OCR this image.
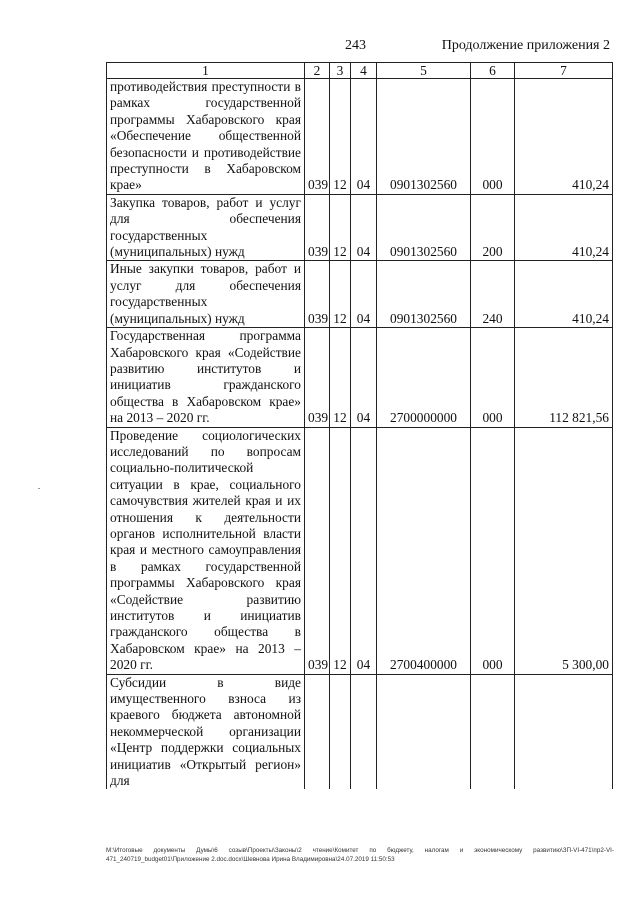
243	Продолжение приложения 2
1	2	3	4	5	6	7
противодействия преступности в рамках государственной программы Хабаровского края «Обеспечение общественной безопасности и противодействие преступности в Хабаровском крае»	039	12	04	0901302560	000	410,24
Закупка товаров, работ и услуг для обеспечения государственных (муниципальных) нужд	039	12	04	0901302560	200	410,24
Иные закупки товаров, работ и услуг для обеспечения государственных (муниципальных) нужд	039	12	04	0901302560	240	410,24
Государственная программа Хабаровского края «Содействие развитию институтов и инициатив гражданского общества в Хабаровском крае» на 2013 – 2020 гг.	039	12	04	2700000000	000	112 821,56
Проведение социологических исследований по вопросам социально-политической ситуации в крае, социального самочувствия жителей края и их отношения к деятельности органов исполнительной власти края и местного самоуправления в рамках государственной программы Хабаровского края «Содействие развитию институтов и инициатив гражданского общества в Хабаровском крае» на 2013 – 2020 гг.	039	12	04	2700400000	000	5 300,00
Субсидии в виде имущественного взноса из краевого бюджета автономной некоммерческой организации «Центр поддержки социальных инициатив «Открытый регион» для						
М:\Итоговые документы Думы\6 созыв\Проекты\Законы\2 чтение\Комитет по бюджету, налогам и экономическому развитию\ЗП-VI-471\пр2-VI-471_240719_budget01\Приложение 2.doc.docx\Шевнова Ирина Владимировна\24.07.2019 11:50:53
